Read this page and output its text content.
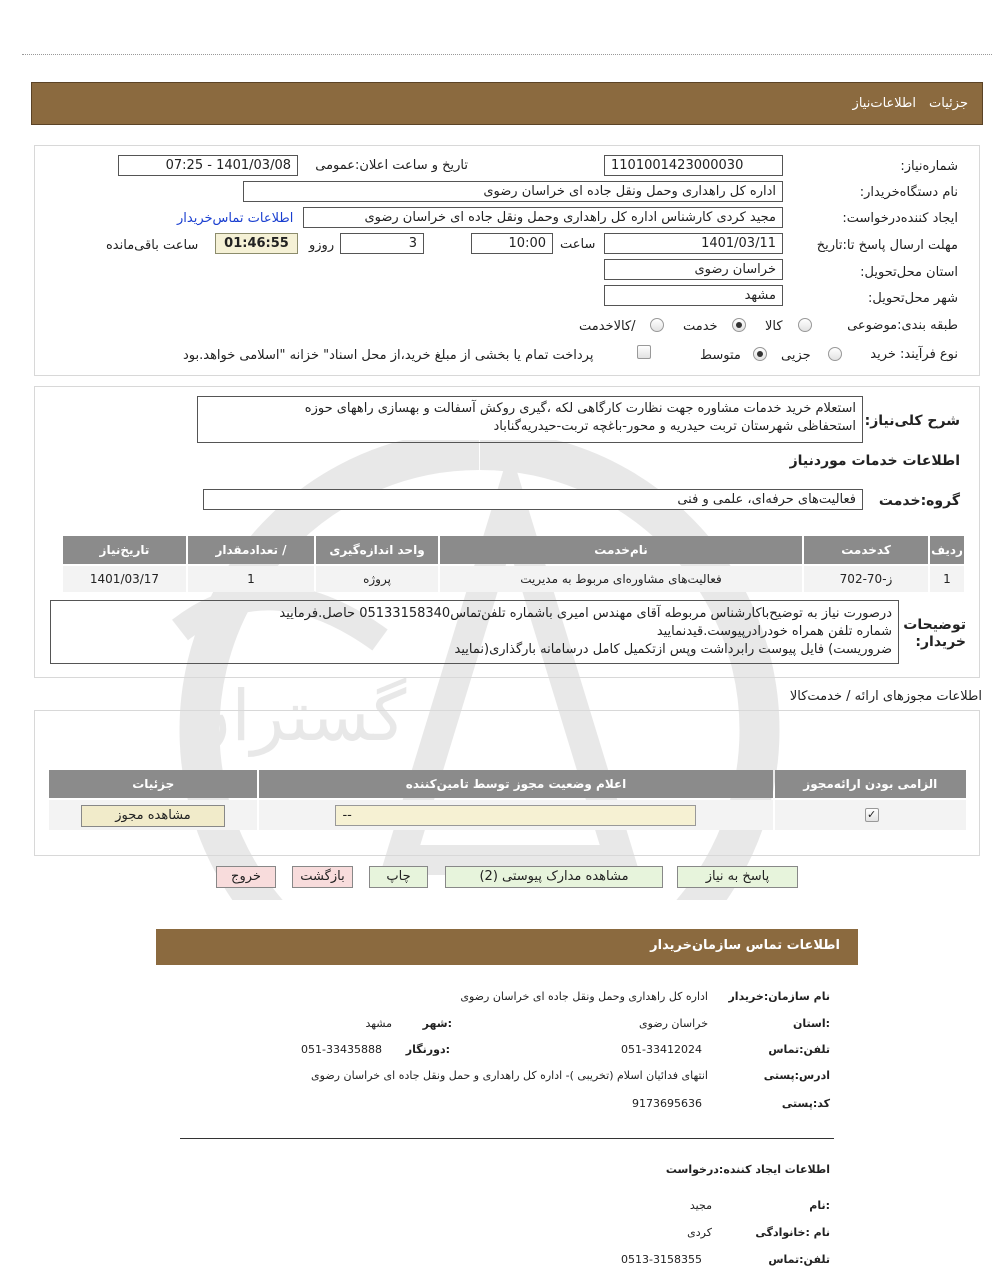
جزئیات
اطلاعات‌نیاز
گستران
شماره‌نیاز:
1101001423000030
تاریخ و ساعت اعلان:عمومی
1401/03/08 - 07:25
نام دستگاه‌خریدار:
اداره کل راهداری وحمل ونقل جاده ای خراسان رضوی
ایجاد کننده‌درخواست:
مجید کردی کارشناس اداره کل راهداری وحمل ونقل جاده ای خراسان رضوی
اطلاعات تماس‌خریدار
مهلت ارسال پاسخ تا:تاریخ
1401/03/11
ساعت
10:00
3
روزو
01:46:55
ساعت باقی‌مانده
استان محل‌تحویل:
خراسان رضوی
شهر محل‌تحویل:
مشهد
طبقه بندی:موضوعی
کالا
خدمت
/کالاخدمت
نوع فرآیند: خرید
جزیی
متوسط
پرداخت تمام یا بخشی از مبلغ خرید،از محل اسناد" خزانه "اسلامی خواهد.بود
شرح کلی‌نیاز:
استعلام خرید خدمات مشاوره جهت نظارت کارگاهی لکه ،گیری روکش آسفالت و بهسازی راههای حوزه
استحفاظی شهرستان تربت حیدریه و محور-باغچه تربت-حیدریه‌گناباد
اطلاعات خدمات موردنیاز
گروه:خدمت
فعالیت‌های حرفه‌ای، علمی و فنی
ردیف	کدخدمت	نام‌خدمت	واحد اندازه‌گیری	/ تعدادمقدار	تاریخ‌نیاز
1	ز-70-702	فعالیت‌های مشاوره‌ای مربوط به مدیریت	پروژه	1	1401/03/17
توضیحات خریدار:
درصورت نیاز به توضیح‌باکارشناس مربوطه آقای مهندس امیری باشماره تلفن‌تماس05133158340 حاصل.فرمایید
شماره تلفن همراه خودرادرپیوست.قیدنمایید
ضروریست) فایل پیوست رابرداشت وپس ازتکمیل کامل درسامانه بارگذاری(نمایید
اطلاعات مجوزهای ارائه / خدمت‌کالا
الزامی بودن ارائه‌مجوز	اعلام وضعیت مجوز توسط تامین‌کننده	جزئیات

✓	--	مشاهده مجوز
پاسخ به نیاز
مشاهده مدارک پیوستی (2)
چاپ
بازگشت
خروج
اطلاعات تماس سازمان‌خریدار
نام سازمان:خریدار
اداره کل راهداری وحمل ونقل جاده ای خراسان رضوی
:استان
خراسان رضوی
:شهر
مشهد
تلفن:تماس
051-33412024
:دورنگار
051-33435888
ادرس:پستی
انتهای فدائیان اسلام (تخریبی )- اداره کل راهداری و حمل ونقل جاده ای خراسان رضوی
کد:پستی
9173695636
اطلاعات ایجاد کننده:درخواست
:نام
مجید
نام :خانوادگی
کردی
تلفن:تماس
0513-3158355
